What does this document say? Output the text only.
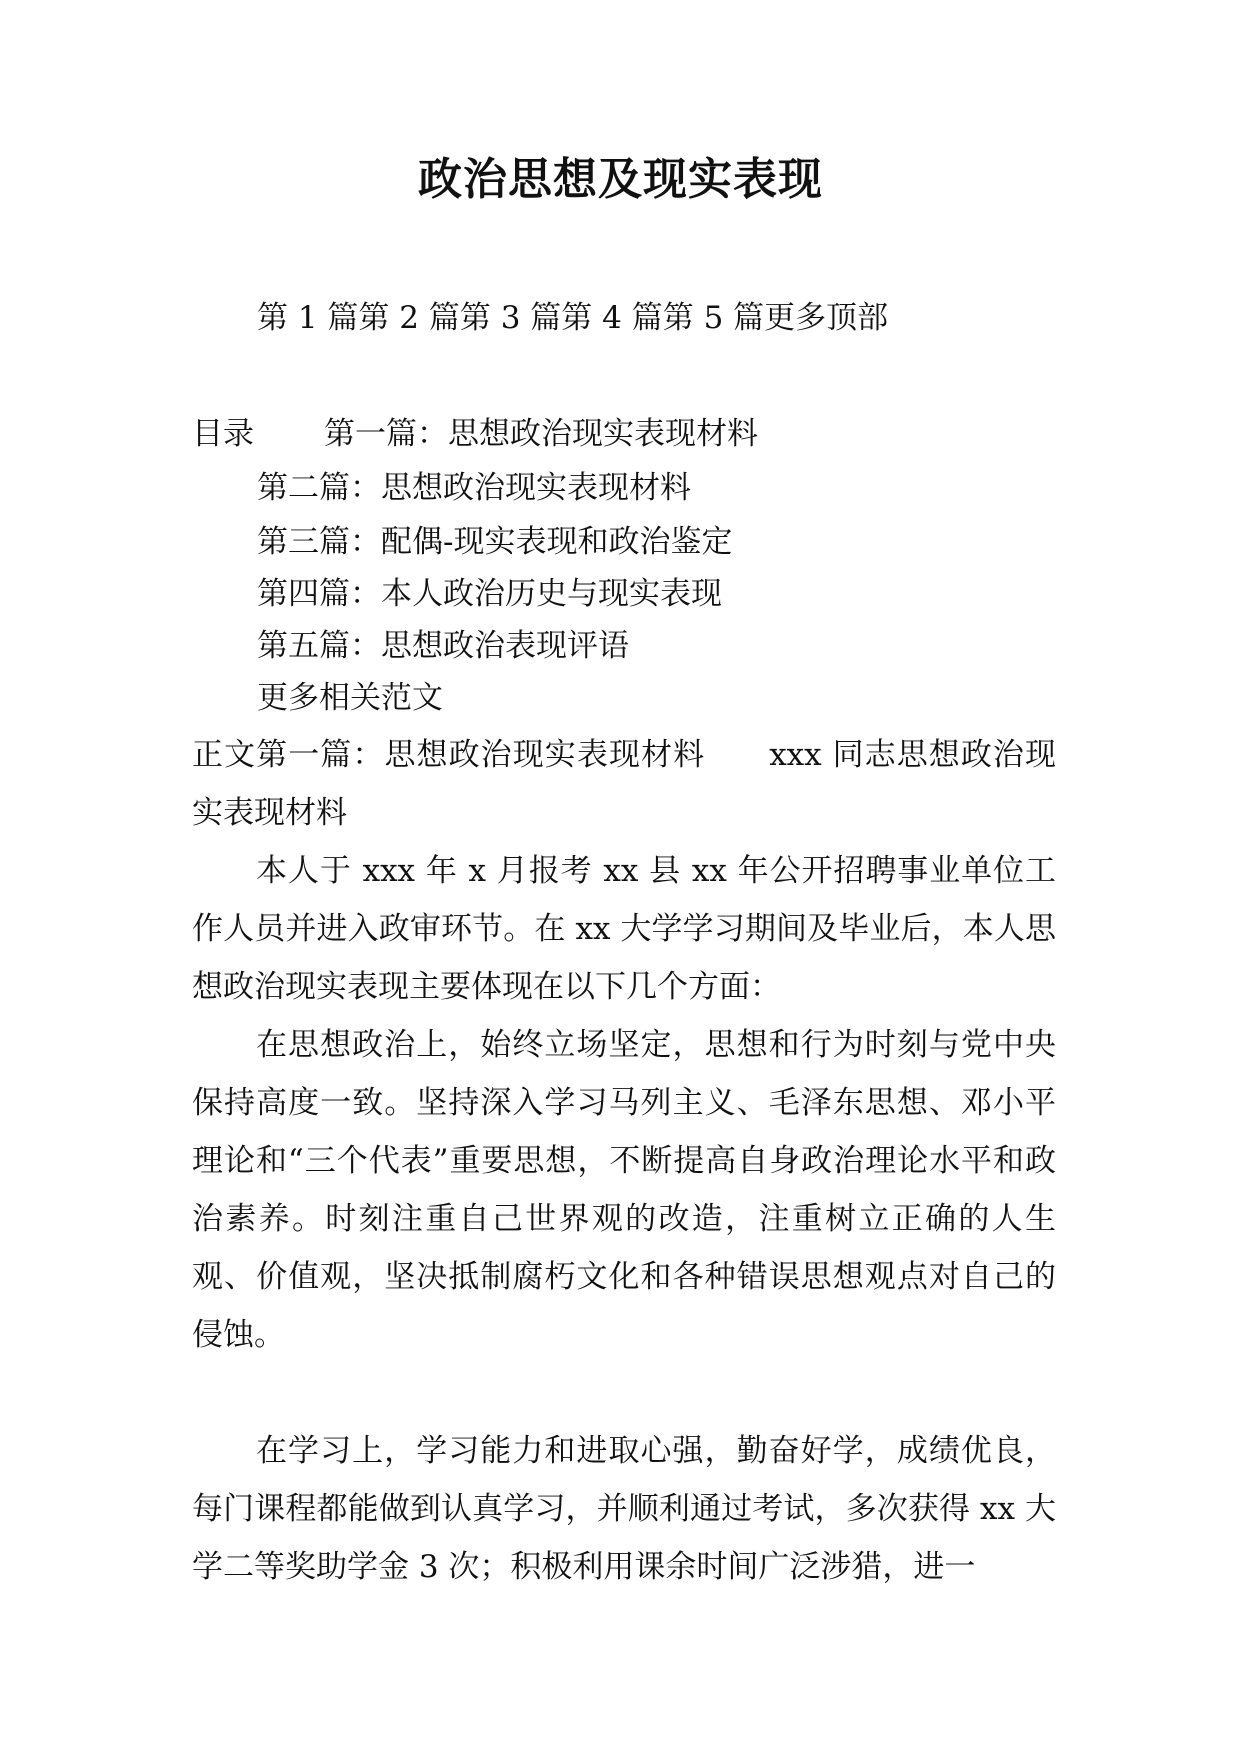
政治思想及现实表现
第 1 篇第 2 篇第 3 篇第 4 篇第 5 篇更多顶部
目录 第一篇：思想政治现实表现材料
第二篇：思想政治现实表现材料
第三篇：配偶-现实表现和政治鉴定
第四篇：本人政治历史与现实表现
第五篇：思想政治表现评语
更多相关范文

正文第一篇：思想政治现实表现材料 xxx 同志思想政治现实表现材料

本人于 xxx 年 x 月报考 xx 县 xx 年公开招聘事业单位工作人员并进入政审环节。在 xx 大学学习期间及毕业后，本人思想政治现实表现主要体现在以下几个方面：

在思想政治上，始终立场坚定，思想和行为时刻与党中央保持高度一致。坚持深入学习马列主义、毛泽东思想、邓小平理论和“三个代表”重要思想，不断提高自身政治理论水平和政治素养。时刻注重自己世界观的改造，注重树立正确的人生观、价值观，坚决抵制腐朽文化和各种错误思想观点对自己的侵蚀。

在学习上，学习能力和进取心强，勤奋好学，成绩优良，每门课程都能做到认真学习，并顺利通过考试，多次获得 xx 大学二等奖助学金 3 次；积极利用课余时间广泛涉猎，进一
